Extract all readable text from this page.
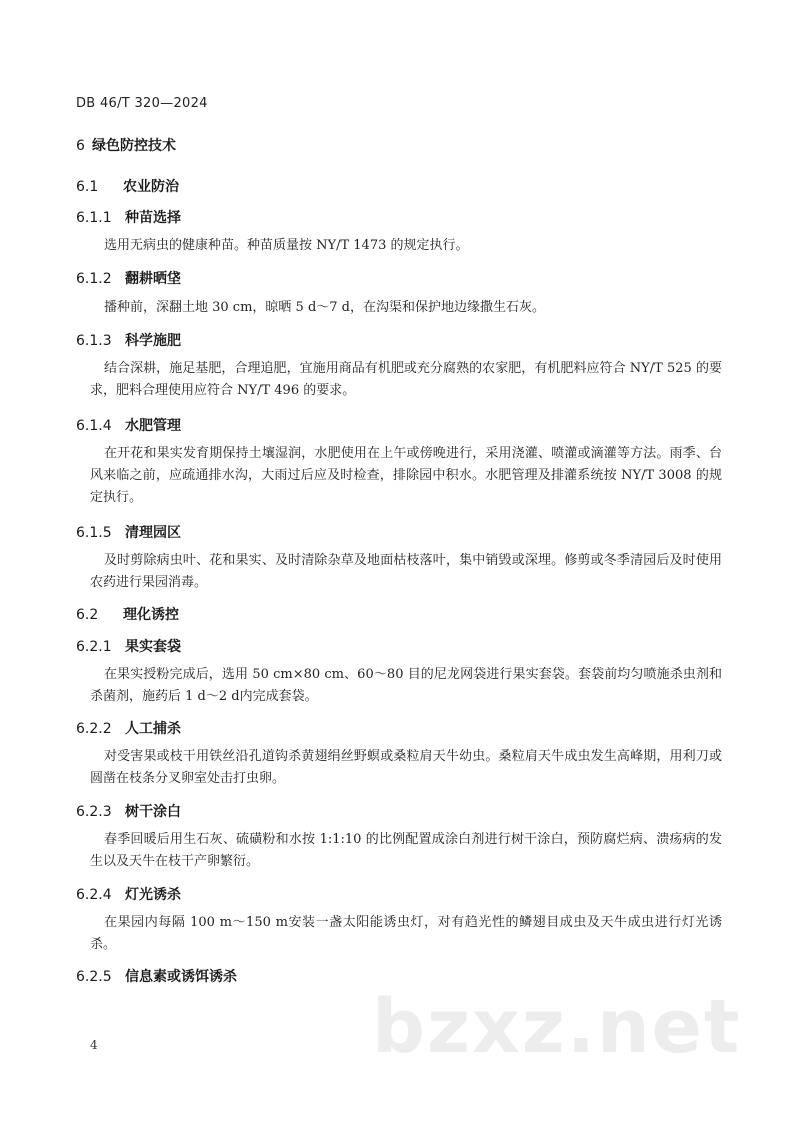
DB 46/T 320—2024
6 绿色防控技术
6.1 农业防治
6.1.1 种苗选择
选用无病虫的健康种苗。种苗质量按 NY/T 1473 的规定执行。
6.1.2 翻耕晒垡
播种前，深翻土地 30 cm，晾晒 5 d～7 d，在沟渠和保护地边缘撒生石灰。
6.1.3 科学施肥
结合深耕，施足基肥，合理追肥，宜施用商品有机肥或充分腐熟的农家肥，有机肥料应符合 NY/T 525 的要求，肥料合理使用应符合 NY/T 496 的要求。
6.1.4 水肥管理
在开花和果实发育期保持土壤湿润，水肥使用在上午或傍晚进行，采用浇灌、喷灌或滴灌等方法。雨季、台风来临之前，应疏通排水沟，大雨过后应及时检查，排除园中积水。水肥管理及排灌系统按 NY/T 3008 的规定执行。
6.1.5 清理园区
及时剪除病虫叶、花和果实、及时清除杂草及地面枯枝落叶，集中销毁或深埋。修剪或冬季清园后及时使用农药进行果园消毒。
6.2 理化诱控
6.2.1 果实套袋
在果实授粉完成后，选用 50 cm×80 cm、60～80 目的尼龙网袋进行果实套袋。套袋前均匀喷施杀虫剂和杀菌剂，施药后 1 d～2 d内完成套袋。
6.2.2 人工捕杀
对受害果或枝干用铁丝沿孔道钩杀黄翅绢丝野螟或桑粒肩天牛幼虫。桑粒肩天牛成虫发生高峰期，用利刀或圆凿在枝条分叉卵室处击打虫卵。
6.2.3 树干涂白
春季回暖后用生石灰、硫磺粉和水按 1:1:10 的比例配置成涂白剂进行树干涂白，预防腐烂病、溃疡病的发生以及天牛在枝干产卵繁衍。
6.2.4 灯光诱杀
在果园内每隔 100 m～150 m安装一盏太阳能诱虫灯，对有趋光性的鳞翅目成虫及天牛成虫进行灯光诱杀。
6.2.5 信息素或诱饵诱杀
bzxz.net
4
